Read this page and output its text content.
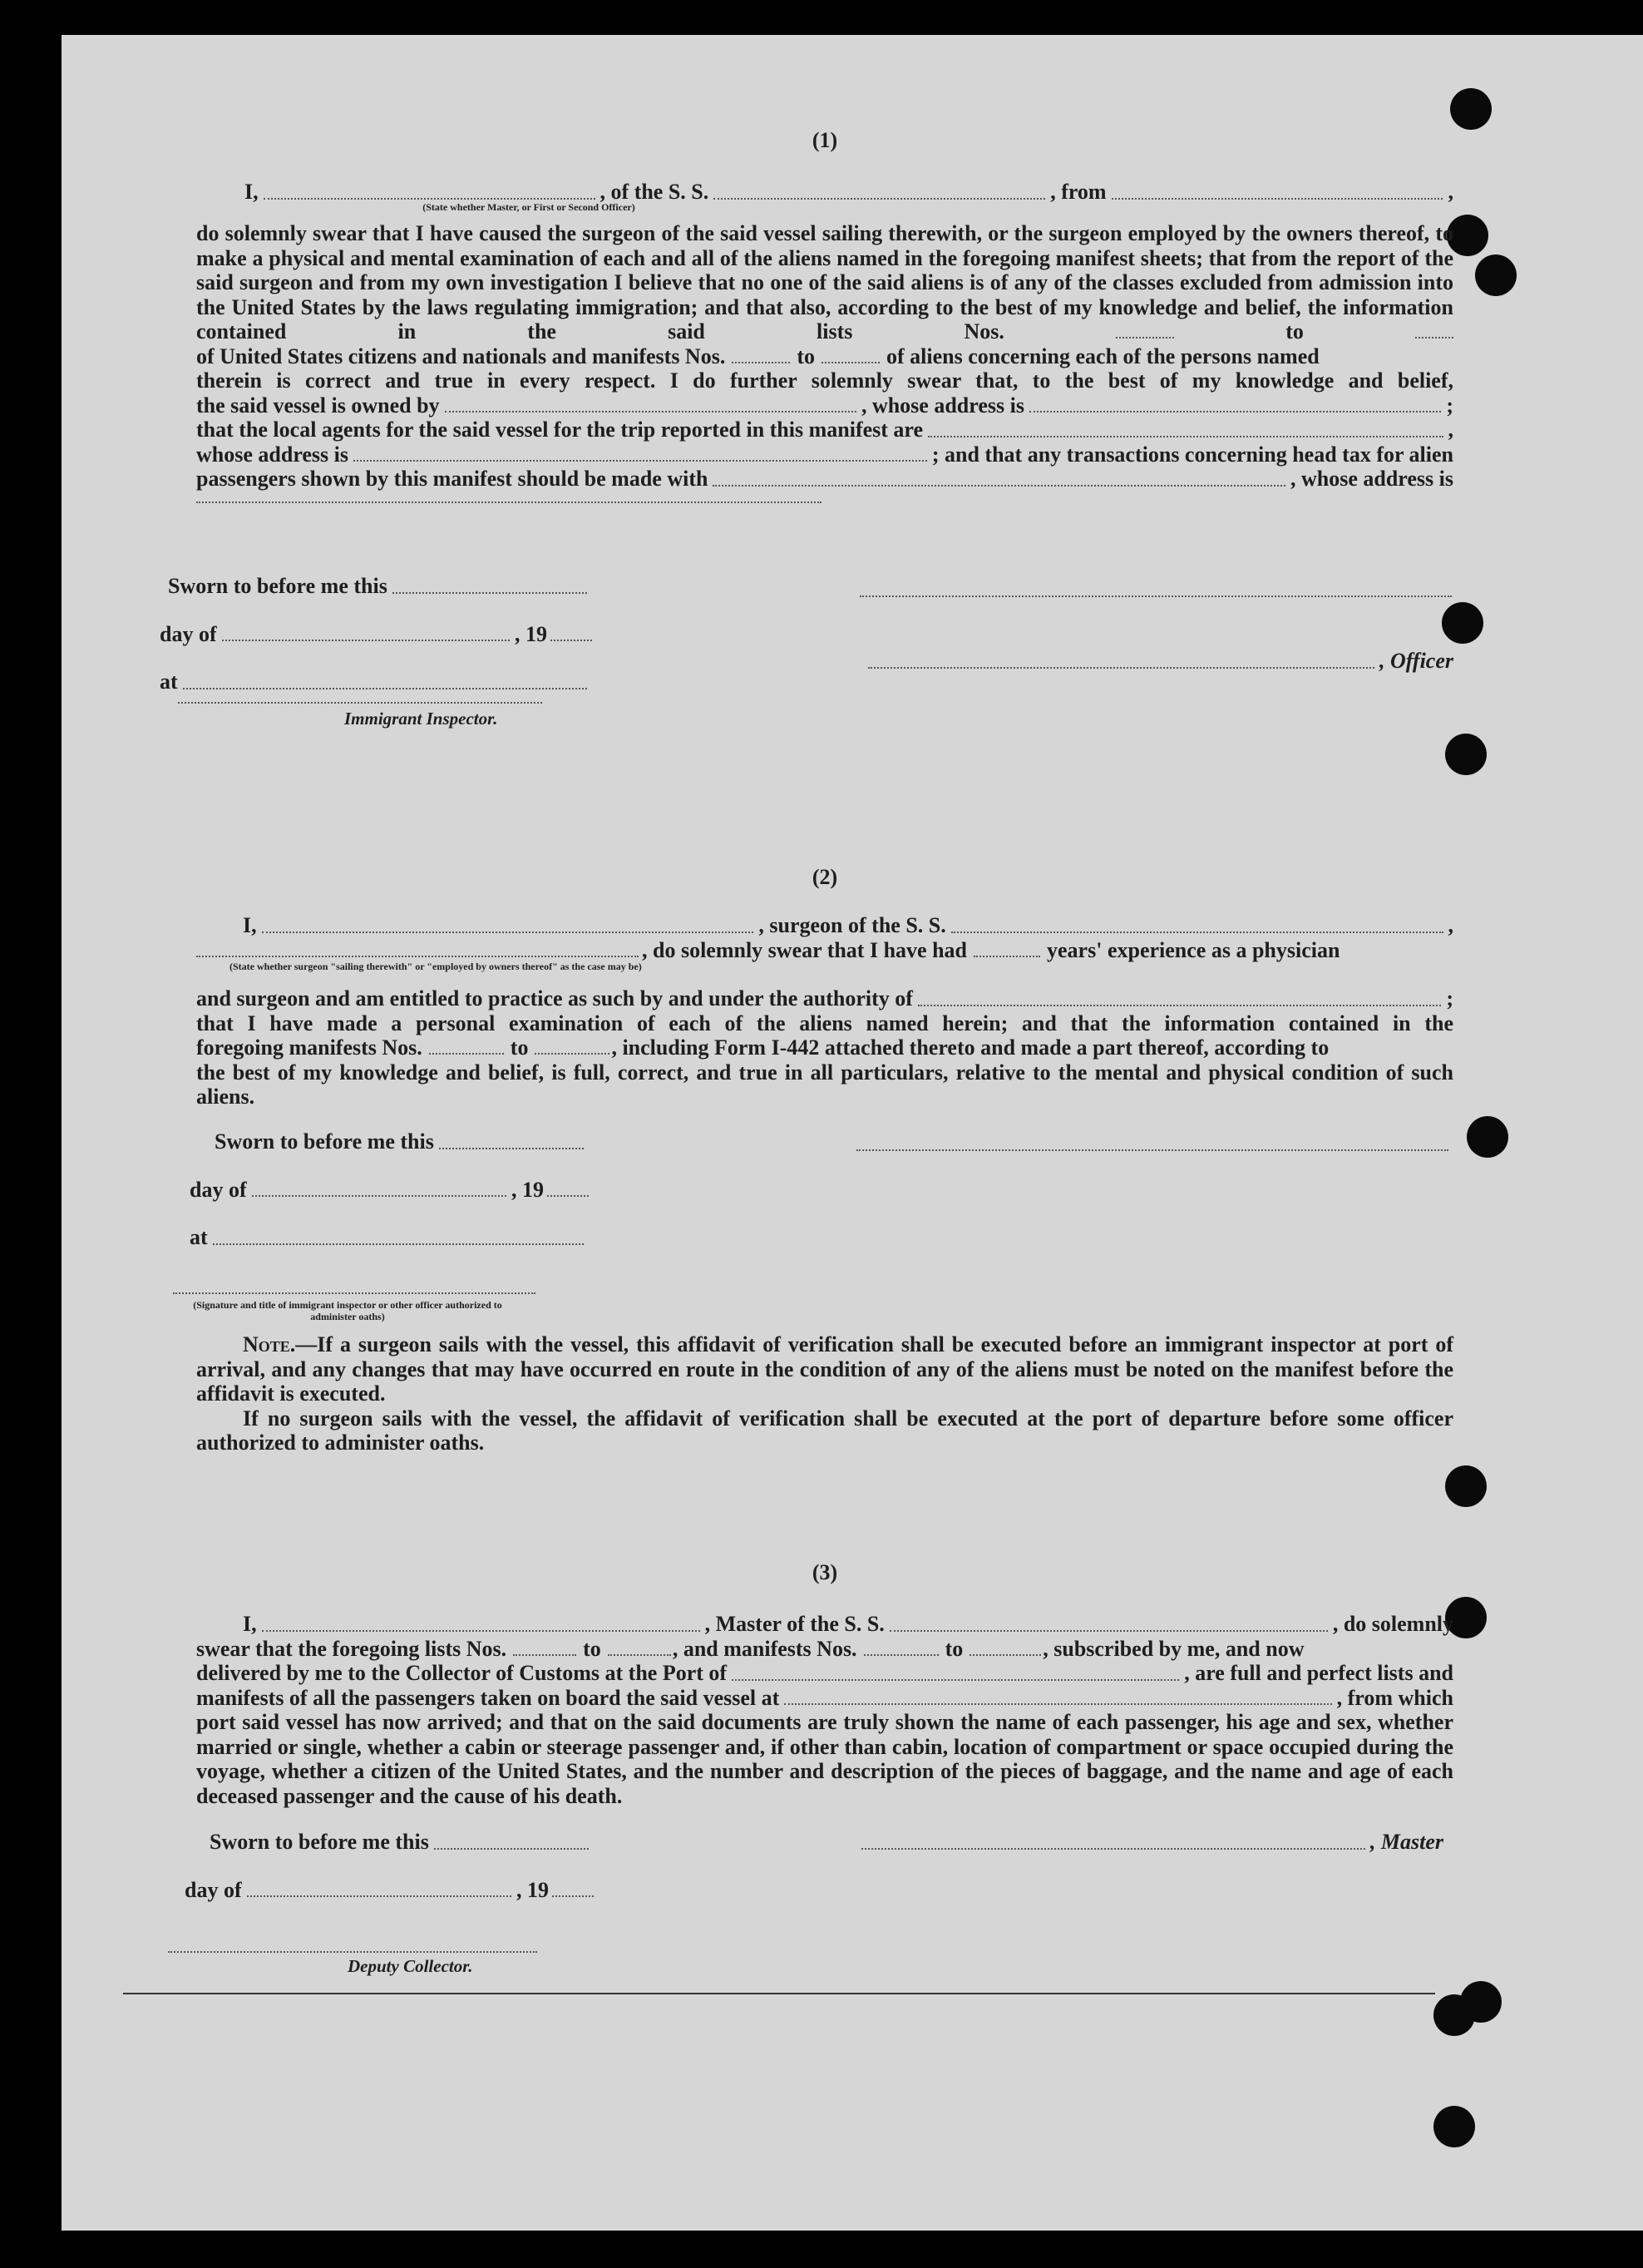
(1)
I,	, of the S. S.	, from	,
(State whether Master, or First or Second Officer)
do solemnly swear that I have caused the surgeon of the said vessel sailing therewith, or the surgeon employed by the owners thereof, to make a physical and mental examination of each and all of the aliens named in the foregoing manifest sheets; that from the report of the said surgeon and from my own investigation I believe that no one of the said aliens is of any of the classes excluded from admission into the United States by the laws regulating immigration; and that also, according to the best of my knowledge and belief, the information contained in the said lists Nos.	to
of United States citizens and nationals and manifests Nos.	to	of aliens concerning each of the persons named
therein is correct and true in every respect. I do further solemnly swear that, to the best of my knowledge and belief,
the said vessel is owned by	, whose address is	;
that the local agents for the said vessel for the trip reported in this manifest are	,
whose address is	; and that any transactions concerning head tax for alien
passengers shown by this manifest should be made with	, whose address is
Sworn to before me this
day of	, 19
at
Immigrant Inspector.
, Officer
(2)
I,	, surgeon of the S. S.	,
, do solemnly swear that I have had	years' experience as a physician
(State whether surgeon "sailing therewith" or "employed by owners thereof" as the case may be)
and surgeon and am entitled to practice as such by and under the authority of	;
that I have made a personal examination of each of the aliens named herein; and that the information contained in the
foregoing manifests Nos.	to	, including Form I-442 attached thereto and made a part thereof, according to
the best of my knowledge and belief, is full, correct, and true in all particulars, relative to the mental and physical condition of such aliens.
Sworn to before me this
day of	, 19
at
(Signature and title of immigrant inspector or other officer authorized to administer oaths)
Note.—If a surgeon sails with the vessel, this affidavit of verification shall be executed before an immigrant inspector at port of arrival, and any changes that may have occurred en route in the condition of any of the aliens must be noted on the manifest before the affidavit is executed.
If no surgeon sails with the vessel, the affidavit of verification shall be executed at the port of departure before some officer authorized to administer oaths.
(3)
I,	, Master of the S. S.	, do solemnly
swear that the foregoing lists Nos.	to	, and manifests Nos.	to	, subscribed by me, and now
delivered by me to the Collector of Customs at the Port of	, are full and perfect lists and
manifests of all the passengers taken on board the said vessel at	, from which
port said vessel has now arrived; and that on the said documents are truly shown the name of each passenger, his age and sex, whether married or single, whether a cabin or steerage passenger and, if other than cabin, location of compartment or space occupied during the voyage, whether a citizen of the United States, and the number and description of the pieces of baggage, and the name and age of each deceased passenger and the cause of his death.
Sworn to before me this
day of	, 19
, Master
Deputy Collector.
